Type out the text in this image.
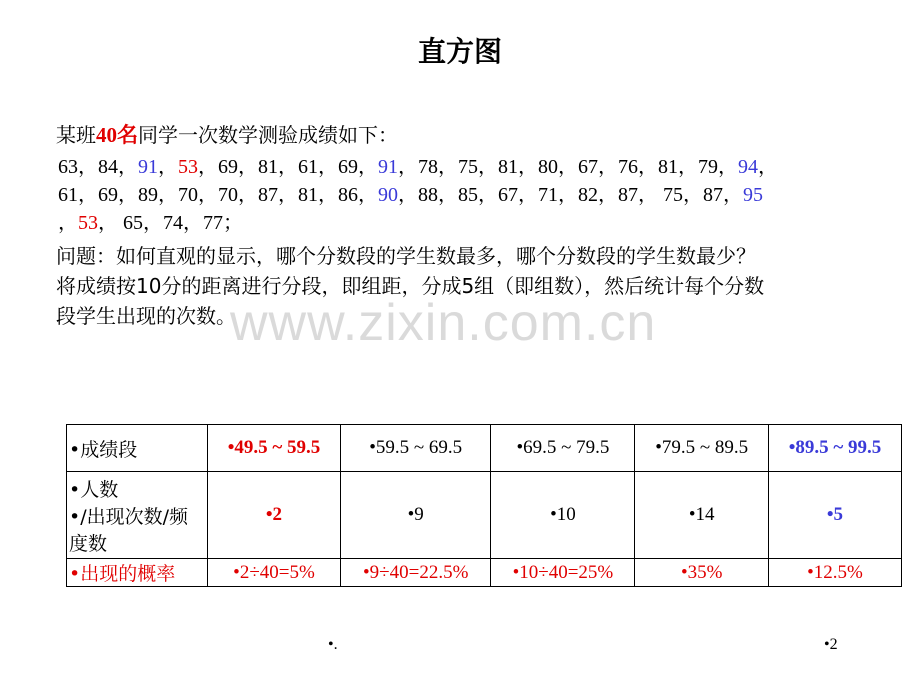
直方图
某班40名同学一次数学测验成绩如下：
63，84，91，53，69，81，61，69，91，78，75，81，80，67，76，81，79，94，
61，69，89，70，70，87，81，86，90，88，85，67，71，82，87， 75，87，95
，53， 65，74，77；
问题：如何直观的显示，哪个分数段的学生数最多，哪个分数段的学生数最少？
将成绩按10分的距离进行分段，即组距，分成5组（即组数），然后统计每个分数
段学生出现的次数。
www.zixin.com.cn
•成绩段	•49.5 ~ 59.5	•59.5 ~ 69.5	•69.5 ~ 79.5	•79.5 ~ 89.5	•89.5 ~ 99.5

•人数
•/出现次数/频度数	•2	•9	•10	•14	•5
•出现的概率	•2÷40=5%	•9÷40=22.5%	•10÷40=25%	•35%	•12.5%
•.	•2
